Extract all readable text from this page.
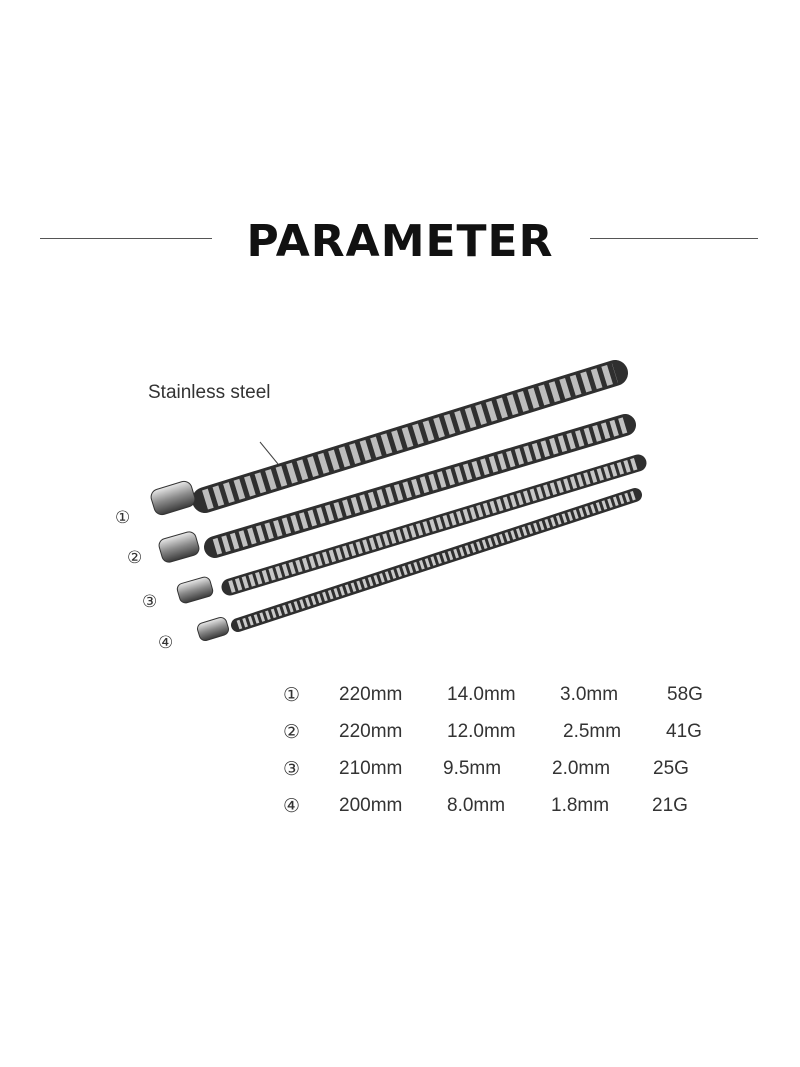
PARAMETER
Stainless steel
①
②
③
④
① 220mm 14.0mm 3.0mm	58G
② 220mm 12.0mm 2.5mm 41G
③ 210mm 9.5mm	2.0mm 25G
④ 200mm 8.0mm 1.8mm 21G
